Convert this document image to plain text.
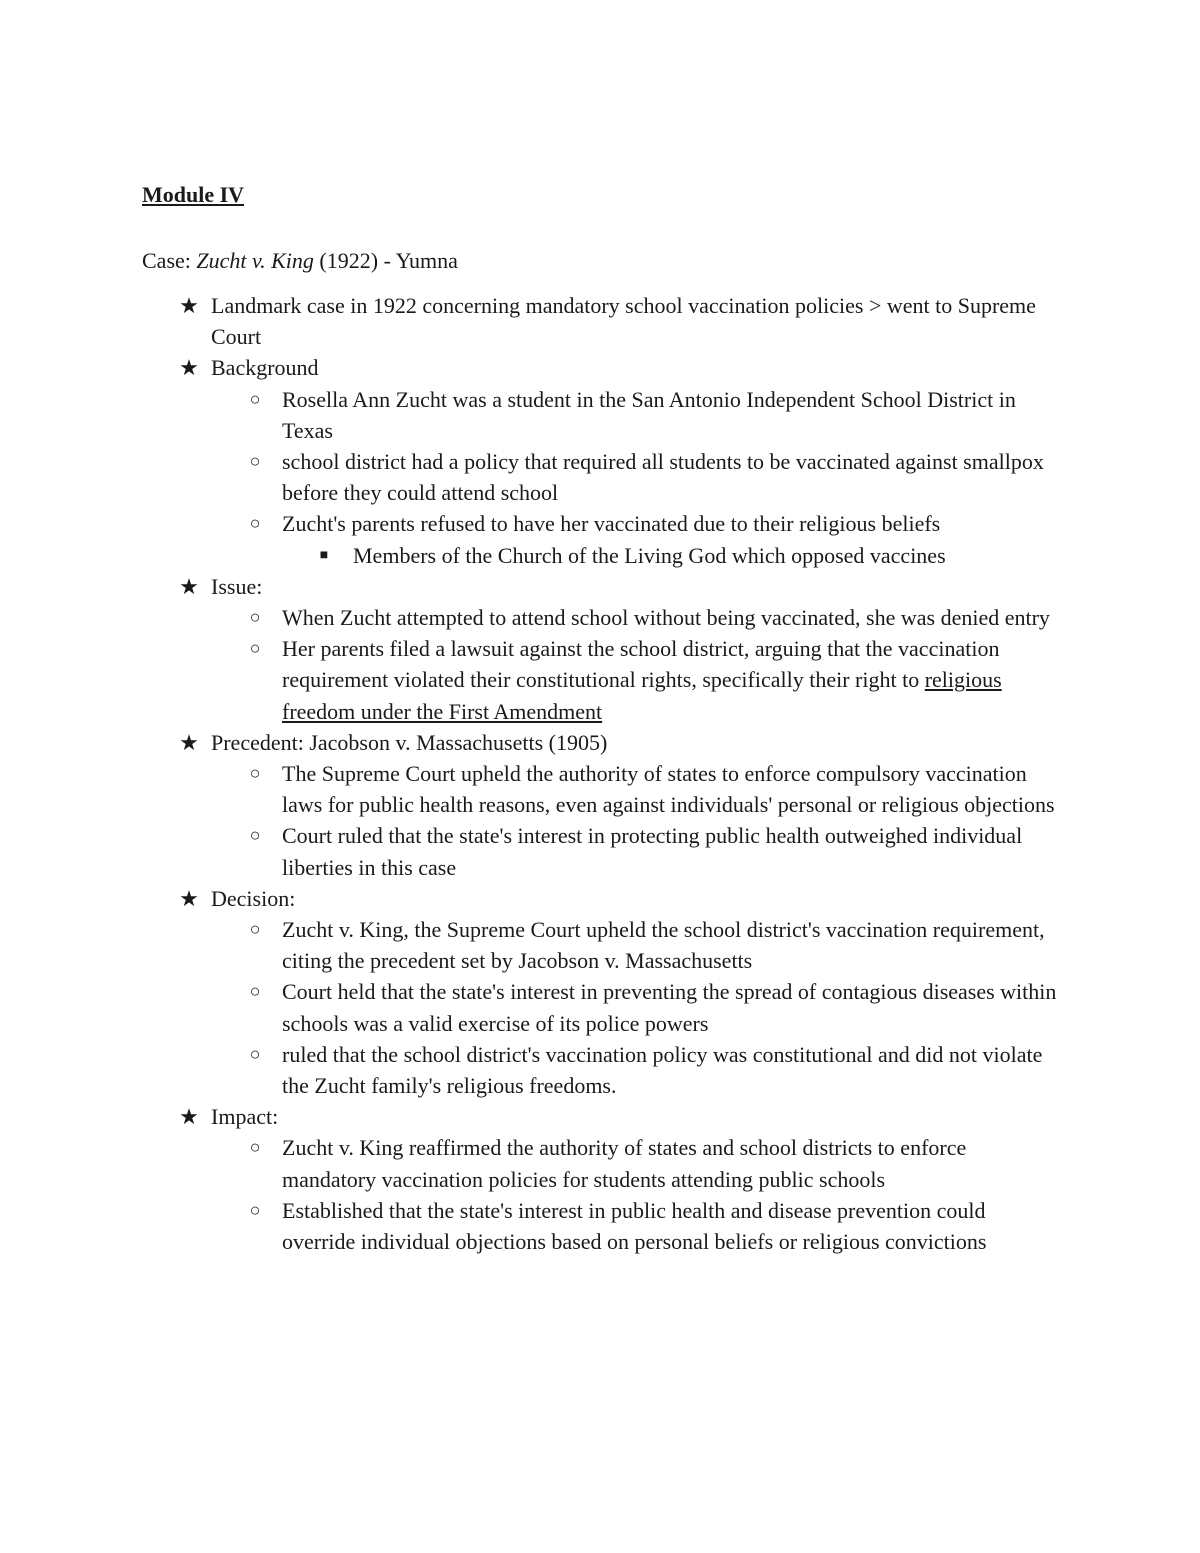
Module IV
Case: Zucht v. King (1922) - Yumna
★ Landmark case in 1922 concerning mandatory school vaccination policies > went to Supreme Court
★ Background
○ Rosella Ann Zucht was a student in the San Antonio Independent School District in Texas
○ school district had a policy that required all students to be vaccinated against smallpox before they could attend school
○ Zucht's parents refused to have her vaccinated due to their religious beliefs
■ Members of the Church of the Living God which opposed vaccines
★ Issue:
○ When Zucht attempted to attend school without being vaccinated, she was denied entry
○ Her parents filed a lawsuit against the school district, arguing that the vaccination requirement violated their constitutional rights, specifically their right to religious freedom under the First Amendment
★ Precedent: Jacobson v. Massachusetts (1905)
○ The Supreme Court upheld the authority of states to enforce compulsory vaccination laws for public health reasons, even against individuals' personal or religious objections
○ Court ruled that the state's interest in protecting public health outweighed individual liberties in this case
★ Decision:
○ Zucht v. King, the Supreme Court upheld the school district's vaccination requirement, citing the precedent set by Jacobson v. Massachusetts
○ Court held that the state's interest in preventing the spread of contagious diseases within schools was a valid exercise of its police powers
○ ruled that the school district's vaccination policy was constitutional and did not violate the Zucht family's religious freedoms.
★ Impact:
○ Zucht v. King reaffirmed the authority of states and school districts to enforce mandatory vaccination policies for students attending public schools
○ Established that the state's interest in public health and disease prevention could override individual objections based on personal beliefs or religious convictions
